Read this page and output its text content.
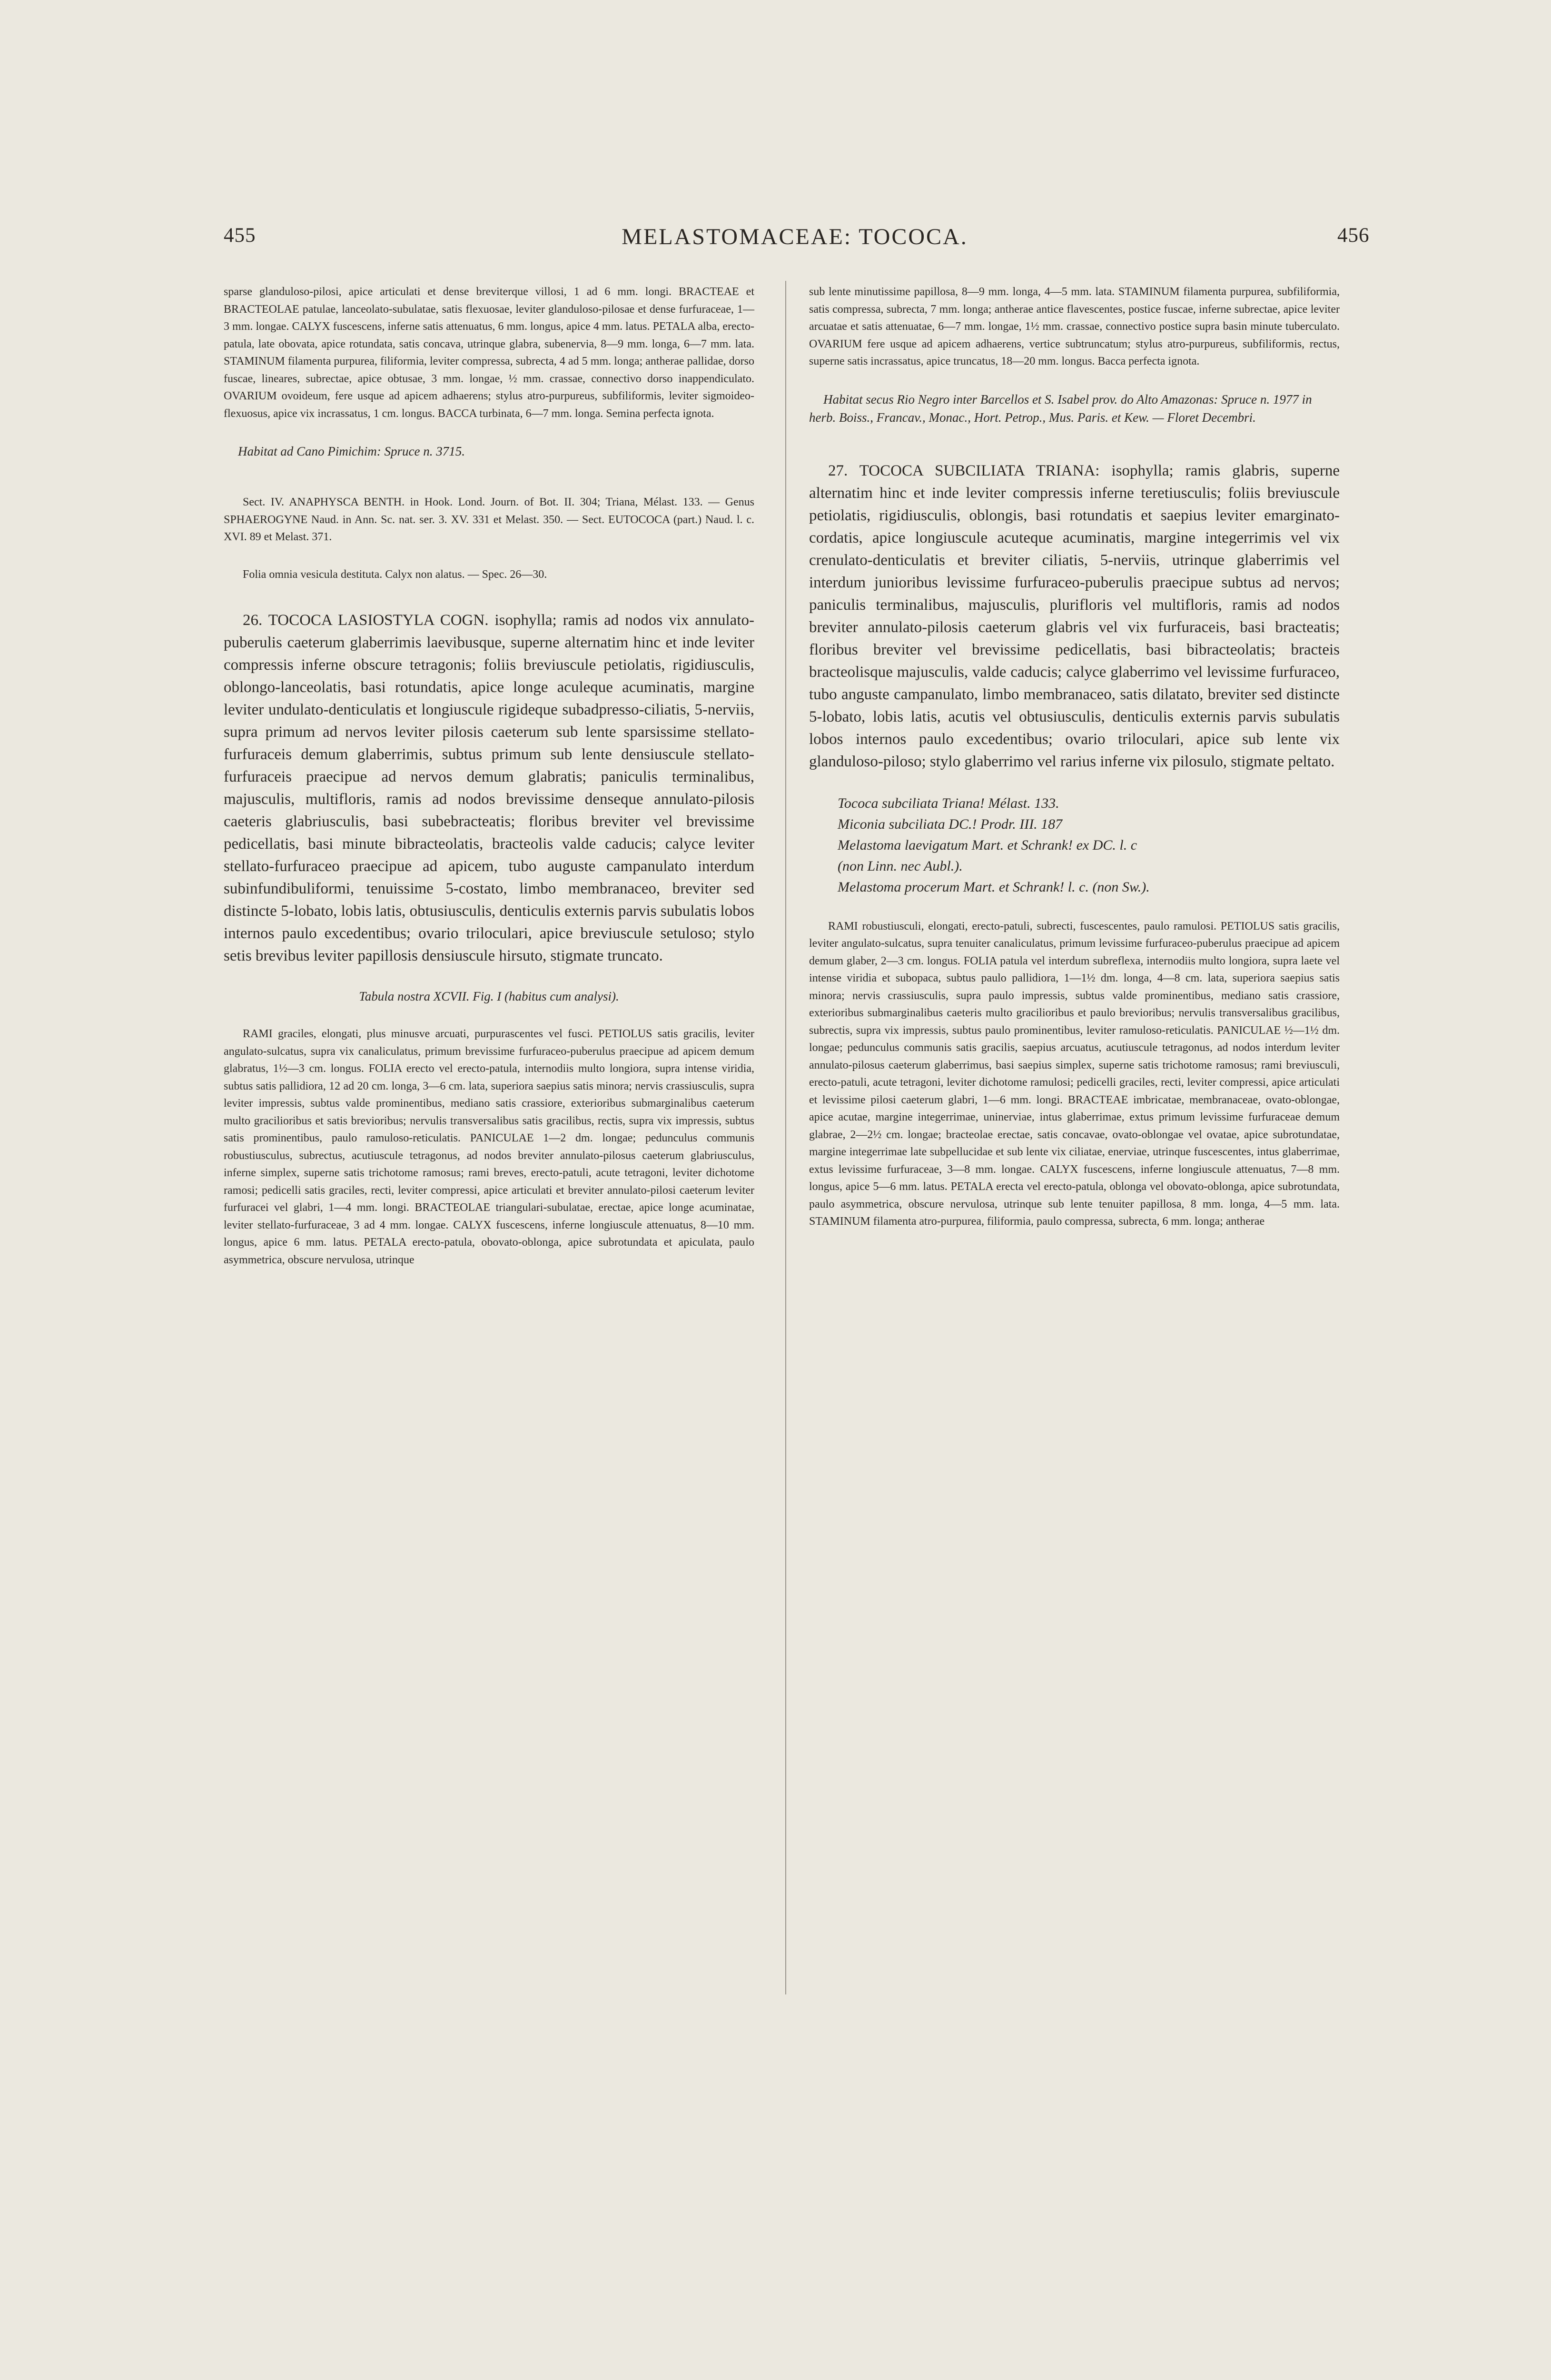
455	MELASTOMACEAE: TOCOCA.	456

sparse glanduloso-pilosi, apice articulati et dense breviterque villosi, 1 ad 6 mm. longi. BRACTEAE et BRACTEOLAE patulae, lanceolato-subulatae, satis flexuosae, leviter glanduloso-pilosae et dense furfuraceae, 1—3 mm. longae. CALYX fuscescens, inferne satis attenuatus, 6 mm. longus, apice 4 mm. latus. PETALA alba, erecto-patula, late obovata, apice rotundata, satis concava, utrinque glabra, subenervia, 8—9 mm. longa, 6—7 mm. lata. STAMINUM filamenta purpurea, filiformia, leviter compressa, subrecta, 4 ad 5 mm. longa; antherae pallidae, dorso fuscae, lineares, subrectae, apice obtusae, 3 mm. longae, ½ mm. crassae, connectivo dorso inappendiculato. OVARIUM ovoideum, fere usque ad apicem adhaerens; stylus atro-purpureus, subfiliformis, leviter sigmoideo-flexuosus, apice vix incrassatus, 1 cm. longus. BACCA turbinata, 6—7 mm. longa. Semina perfecta ignota.

Habitat ad Cano Pimichim: Spruce n. 3715.

Sect. IV. ANAPHYSCA BENTH. in Hook. Lond. Journ. of Bot. II. 304; Triana, Mélast. 133. — Genus SPHAEROGYNE Naud. in Ann. Sc. nat. ser. 3. XV. 331 et Melast. 350. — Sect. EUTOCOCA (part.) Naud. l. c. XVI. 89 et Melast. 371.

Folia omnia vesicula destituta. Calyx non alatus. — Spec. 26—30.

26. TOCOCA LASIOSTYLA COGN. isophylla; ramis ad nodos vix annulato-puberulis caeterum glaberrimis laevibusque, superne alternatim hinc et inde leviter compressis inferne obscure tetragonis; foliis breviuscule petiolatis, rigidiusculis, oblongo-lanceolatis, basi rotundatis, apice longe aculeque acuminatis, margine leviter undulato-denticulatis et longiuscule rigideque subadpresso-ciliatis, 5-nerviis, supra primum ad nervos leviter pilosis caeterum sub lente sparsissime stellato-furfuraceis demum glaberrimis, subtus primum sub lente densiuscule stellato-furfuraceis praecipue ad nervos demum glabratis; paniculis terminalibus, majusculis, multifloris, ramis ad nodos brevissime denseque annulato-pilosis caeteris glabriusculis, basi subebracteatis; floribus breviter vel brevissime pedicellatis, basi minute bibracteolatis, bracteolis valde caducis; calyce leviter stellato-furfuraceo praecipue ad apicem, tubo auguste campanulato interdum subinfundibuliformi, tenuissime 5-costato, limbo membranaceo, breviter sed distincte 5-lobato, lobis latis, obtusiusculis, denticulis externis parvis subulatis lobos internos paulo excedentibus; ovario triloculari, apice breviuscule setuloso; stylo setis brevibus leviter papillosis densiuscule hirsuto, stigmate truncato.

Tabula nostra XCVII. Fig. I (habitus cum analysi).

RAMI graciles, elongati, plus minusve arcuati, purpurascentes vel fusci. PETIOLUS satis gracilis, leviter angulato-sulcatus, supra vix canaliculatus, primum brevissime furfuraceo-puberulus praecipue ad apicem demum glabratus, 1½—3 cm. longus. FOLIA erecto vel erecto-patula, internodiis multo longiora, supra intense viridia, subtus satis pallidiora, 12 ad 20 cm. longa, 3—6 cm. lata, superiora saepius satis minora; nervis crassiusculis, supra leviter impressis, subtus valde prominentibus, mediano satis crassiore, exterioribus submarginalibus caeterum multo gracilioribus et satis brevioribus; nervulis transversalibus satis gracilibus, rectis, supra vix impressis, subtus satis prominentibus, paulo ramuloso-reticulatis. PANICULAE 1—2 dm. longae; pedunculus communis robustiusculus, subrectus, acutiuscule tetragonus, ad nodos breviter annulato-pilosus caeterum glabriusculus, inferne simplex, superne satis trichotome ramosus; rami breves, erecto-patuli, acute tetragoni, leviter dichotome ramosi; pedicelli satis graciles, recti, leviter compressi, apice articulati et breviter annulato-pilosi caeterum leviter furfuracei vel glabri, 1—4 mm. longi. BRACTEOLAE triangulari-subulatae, erectae, apice longe acuminatae, leviter stellato-furfuraceae, 3 ad 4 mm. longae. CALYX fuscescens, inferne longiuscule attenuatus, 8—10 mm. longus, apice 6 mm. latus. PETALA erecto-patula, obovato-oblonga, apice subrotundata et apiculata, paulo asymmetrica, obscure nervulosa, utrinque

sub lente minutissime papillosa, 8—9 mm. longa, 4—5 mm. lata. STAMINUM filamenta purpurea, subfiliformia, satis compressa, subrecta, 7 mm. longa; antherae antice flavescentes, postice fuscae, inferne subrectae, apice leviter arcuatae et satis attenuatae, 6—7 mm. longae, 1½ mm. crassae, connectivo postice supra basin minute tuberculato. OVARIUM fere usque ad apicem adhaerens, vertice subtruncatum; stylus atro-purpureus, subfiliformis, rectus, superne satis incrassatus, apice truncatus, 18—20 mm. longus. Bacca perfecta ignota.

Habitat secus Rio Negro inter Barcellos et S. Isabel prov. do Alto Amazonas: Spruce n. 1977 in herb. Boiss., Francav., Monac., Hort. Petrop., Mus. Paris. et Kew. — Floret Decembri.

27. TOCOCA SUBCILIATA TRIANA: isophylla; ramis glabris, superne alternatim hinc et inde leviter compressis inferne teretiusculis; foliis breviuscule petiolatis, rigidiusculis, oblongis, basi rotundatis et saepius leviter emarginato-cordatis, apice longiuscule acuteque acuminatis, margine integerrimis vel vix crenulato-denticulatis et breviter ciliatis, 5-nerviis, utrinque glaberrimis vel interdum junioribus levissime furfuraceo-puberulis praecipue subtus ad nervos; paniculis terminalibus, majusculis, plurifloris vel multifloris, ramis ad nodos breviter annulato-pilosis caeterum glabris vel vix furfuraceis, basi bracteatis; floribus breviter vel brevissime pedicellatis, basi bibracteolatis; bracteis bracteolisque majusculis, valde caducis; calyce glaberrimo vel levissime furfuraceo, tubo anguste campanulato, limbo membranaceo, satis dilatato, breviter sed distincte 5-lobato, lobis latis, acutis vel obtusiusculis, denticulis externis parvis subulatis lobos internos paulo excedentibus; ovario triloculari, apice sub lente vix glanduloso-piloso; stylo glaberrimo vel rarius inferne vix pilosulo, stigmate peltato.

Tococa subciliata Triana! Mélast. 133.

Miconia subciliata DC.! Prodr. III. 187

Melastoma laevigatum Mart. et Schrank! ex DC. l. c

(non Linn. nec Aubl.).

Melastoma procerum Mart. et Schrank! l. c. (non Sw.).

RAMI robustiusculi, elongati, erecto-patuli, subrecti, fuscescentes, paulo ramulosi. PETIOLUS satis gracilis, leviter angulato-sulcatus, supra tenuiter canaliculatus, primum levissime furfuraceo-puberulus praecipue ad apicem demum glaber, 2—3 cm. longus. FOLIA patula vel interdum subreflexa, internodiis multo longiora, supra laete vel intense viridia et subopaca, subtus paulo pallidiora, 1—1½ dm. longa, 4—8 cm. lata, superiora saepius satis minora; nervis crassiusculis, supra paulo impressis, subtus valde prominentibus, mediano satis crassiore, exterioribus submarginalibus caeteris multo gracilioribus et paulo brevioribus; nervulis transversalibus gracilibus, subrectis, supra vix impressis, subtus paulo prominentibus, leviter ramuloso-reticulatis. PANICULAE ½—1½ dm. longae; pedunculus communis satis gracilis, saepius arcuatus, acutiuscule tetragonus, ad nodos interdum leviter annulato-pilosus caeterum glaberrimus, basi saepius simplex, superne satis trichotome ramosus; rami breviusculi, erecto-patuli, acute tetragoni, leviter dichotome ramulosi; pedicelli graciles, recti, leviter compressi, apice articulati et levissime pilosi caeterum glabri, 1—6 mm. longi. BRACTEAE imbricatae, membranaceae, ovato-oblongae, apice acutae, margine integerrimae, uninerviae, intus glaberrimae, extus primum levissime furfuraceae demum glabrae, 2—2½ cm. longae; bracteolae erectae, satis concavae, ovato-oblongae vel ovatae, apice subrotundatae, margine integerrimae late subpellucidae et sub lente vix ciliatae, enerviae, utrinque fuscescentes, intus glaberrimae, extus levissime furfuraceae, 3—8 mm. longae. CALYX fuscescens, inferne longiuscule attenuatus, 7—8 mm. longus, apice 5—6 mm. latus. PETALA erecta vel erecto-patula, oblonga vel obovato-oblonga, apice subrotundata, paulo asymmetrica, obscure nervulosa, utrinque sub lente tenuiter papillosa, 8 mm. longa, 4—5 mm. lata. STAMINUM filamenta atro-purpurea, filiformia, paulo compressa, subrecta, 6 mm. longa; antherae
